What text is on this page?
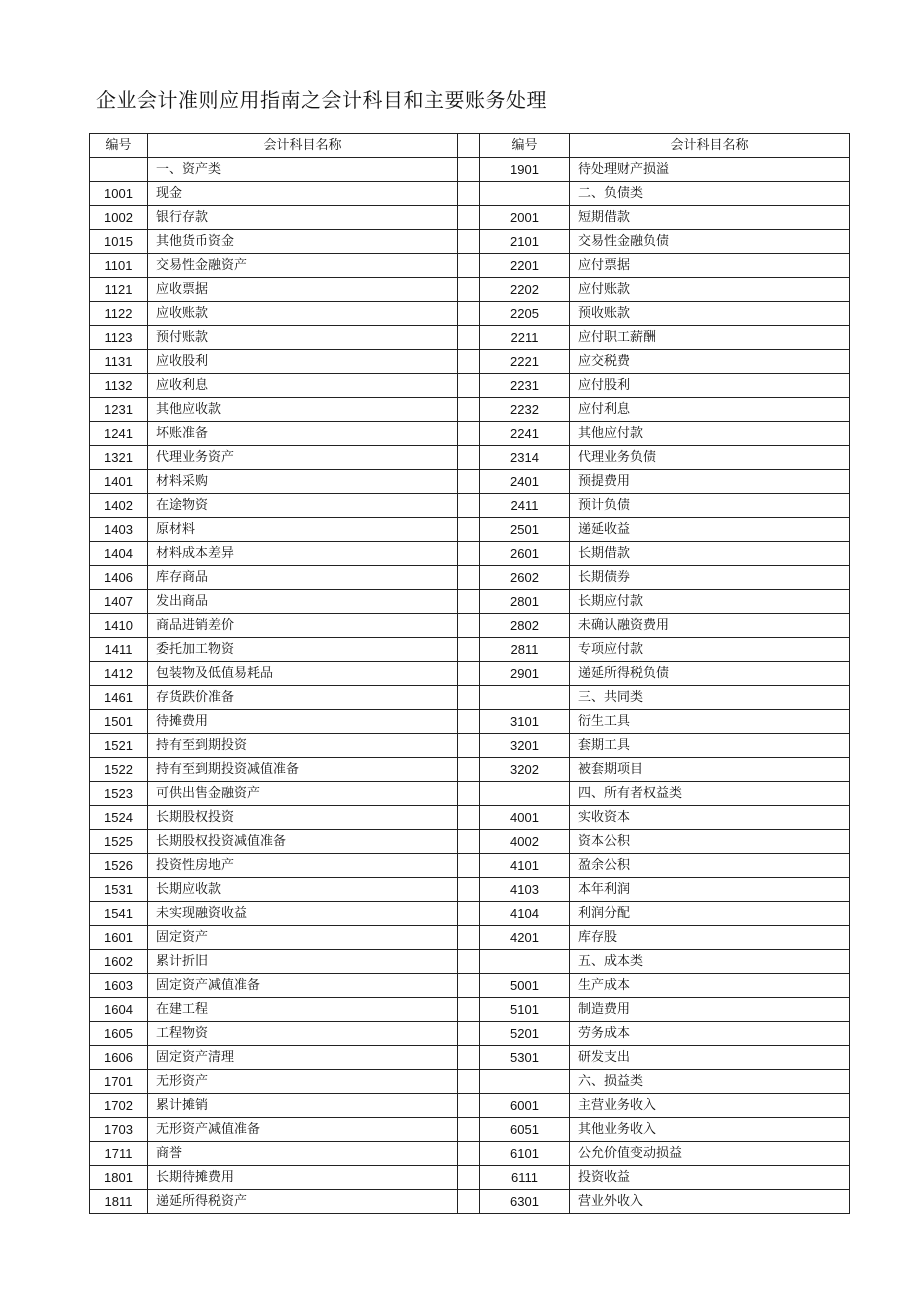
企业会计准则应用指南之会计科目和主要账务处理
编号	会计科目名称		编号	会计科目名称
	一、资产类		1901	待处理财产损溢
1001	现金			二、负债类
1002	银行存款		2001	短期借款
1015	其他货币资金		2101	交易性金融负债
1101	交易性金融资产		2201	应付票据
1121	应收票据		2202	应付账款
1122	应收账款		2205	预收账款
1123	预付账款		2211	应付职工薪酬
1131	应收股利		2221	应交税费
1132	应收利息		2231	应付股利
1231	其他应收款		2232	应付利息
1241	坏账准备		2241	其他应付款
1321	代理业务资产		2314	代理业务负债
1401	材料采购		2401	预提费用
1402	在途物资		2411	预计负债
1403	原材料		2501	递延收益
1404	材料成本差异		2601	长期借款
1406	库存商品		2602	长期债券
1407	发出商品		2801	长期应付款
1410	商品进销差价		2802	未确认融资费用
1411	委托加工物资		2811	专项应付款
1412	包装物及低值易耗品		2901	递延所得税负债
1461	存货跌价准备			三、共同类
1501	待摊费用		3101	衍生工具
1521	持有至到期投资		3201	套期工具
1522	持有至到期投资减值准备		3202	被套期项目
1523	可供出售金融资产			四、所有者权益类
1524	长期股权投资		4001	实收资本
1525	长期股权投资减值准备		4002	资本公积
1526	投资性房地产		4101	盈余公积
1531	长期应收款		4103	本年利润
1541	未实现融资收益		4104	利润分配
1601	固定资产		4201	库存股
1602	累计折旧			五、成本类
1603	固定资产减值准备		5001	生产成本
1604	在建工程		5101	制造费用
1605	工程物资		5201	劳务成本
1606	固定资产清理		5301	研发支出
1701	无形资产			六、损益类
1702	累计摊销		6001	主营业务收入
1703	无形资产减值准备		6051	其他业务收入
1711	商誉		6101	公允价值变动损益
1801	长期待摊费用		6111	投资收益
1811	递延所得税资产		6301	营业外收入
